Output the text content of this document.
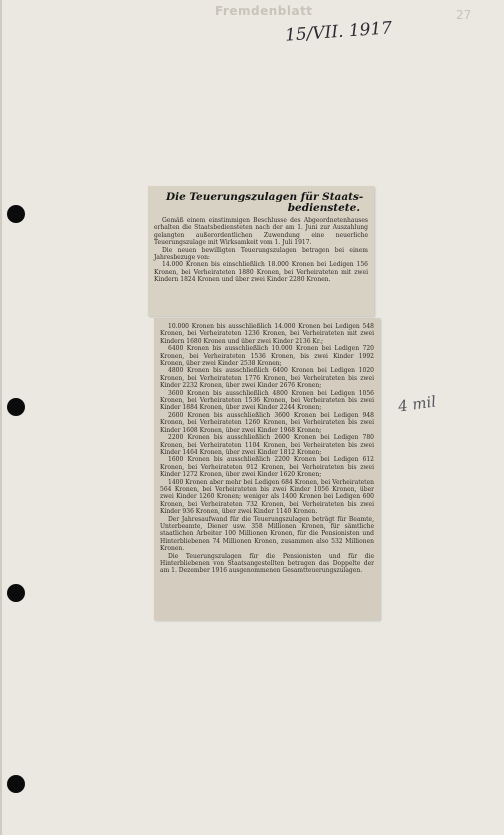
Fremdenblatt
15/VII. 1917
27
4 mil
Die Teuerungszulagen für Staats-
bedienstete.

Gemäß einem einstimmigen Beschlusse des Abgeordnetenhauses erhalten die Staatsbediensteten nach der am 1. Juni zur Auszahlung gelangten außerordentlichen Zuwendung eine neuerliche Teuerungszulage mit Wirksamkeit vom 1. Juli 1917.

Die neuen bewilligten Teuerungszulagen betragen bei einem Jahresbezuge von:

14.000 Kronen bis einschließlich 18.000 Kronen bei Ledigen 156 Kronen, bei Verheirateten 1880 Kronen, bei Verheirateten mit zwei Kindern 1824 Kronen und über zwei Kinder 2280 Kronen.

10.000 Kronen bis ausschließlich 14.000 Kronen bei Ledigen 548 Kronen, bei Verheirateten 1236 Kronen, bei Verheirateten mit zwei Kindern 1680 Kronen und über zwei Kinder 2136 Kr.;

6400 Kronen bis ausschließlich 10.000 Kronen bei Ledigen 720 Kronen, bei Verheirateten 1536 Kronen, bis zwei Kinder 1992 Kronen, über zwei Kinder 2538 Kronen;

4800 Kronen bis ausschließlich 6400 Kronen bei Ledigen 1020 Kronen, bei Verheirateten 1776 Kronen, bei Verheirateten bis zwei Kinder 2232 Kronen, über zwei Kinder 2676 Kronen;

3600 Kronen bis ausschließlich 4800 Kronen bei Ledigen 1056 Kronen, bei Verheirateten 1536 Kronen, bei Verheirateten bis zwei Kinder 1884 Kronen, über zwei Kinder 2244 Kronen;

2600 Kronen bis ausschließlich 3600 Kronen bei Ledigen 948 Kronen, bei Verheirateten 1260 Kronen, bei Verheirateten bis zwei Kinder 1608 Kronen, über zwei Kinder 1968 Kronen;

2200 Kronen bis ausschließlich 2600 Kronen bei Ledigen 780 Kronen, bei Verheirateten 1104 Kronen, bei Verheirateten bis zwei Kinder 1464 Kronen, über zwei Kinder 1812 Kronen;

1600 Kronen bis ausschließlich 2200 Kronen bei Ledigen 612 Kronen, bei Verheirateten 912 Kronen, bei Verheirateten bis zwei Kinder 1272 Kronen, über zwei Kinder 1620 Kronen;

1400 Kronen aber mehr bei Ledigen 684 Kronen, bei Verheirateten 564 Kronen, bei Verheirateten bis zwei Kinder 1056 Kronen, über zwei Kinder 1260 Kronen; weniger als 1400 Kronen bei Ledigen 600 Kronen, bei Verheirateten 732 Kronen, bei Verheirateten bis zwei Kinder 936 Kronen, über zwei Kinder 1140 Kronen.

Der Jahresaufwand für die Teuerungszulagen beträgt für Beamte, Unterbeamte, Diener usw. 358 Millionen Kronen, für sämtliche staatlichen Arbeiter 100 Millionen Kronen, für die Pensionisten und Hinterbliebenen 74 Millionen Kronen, zusammen also 532 Millionen Kronen.

Die Teuerungszulagen für die Pensionisten und für die Hinterbliebenen von Staatsangestellten betragen das Doppelte der am 1. Dezember 1916 ausgenommenen Gesamtteuerungszulagen.
